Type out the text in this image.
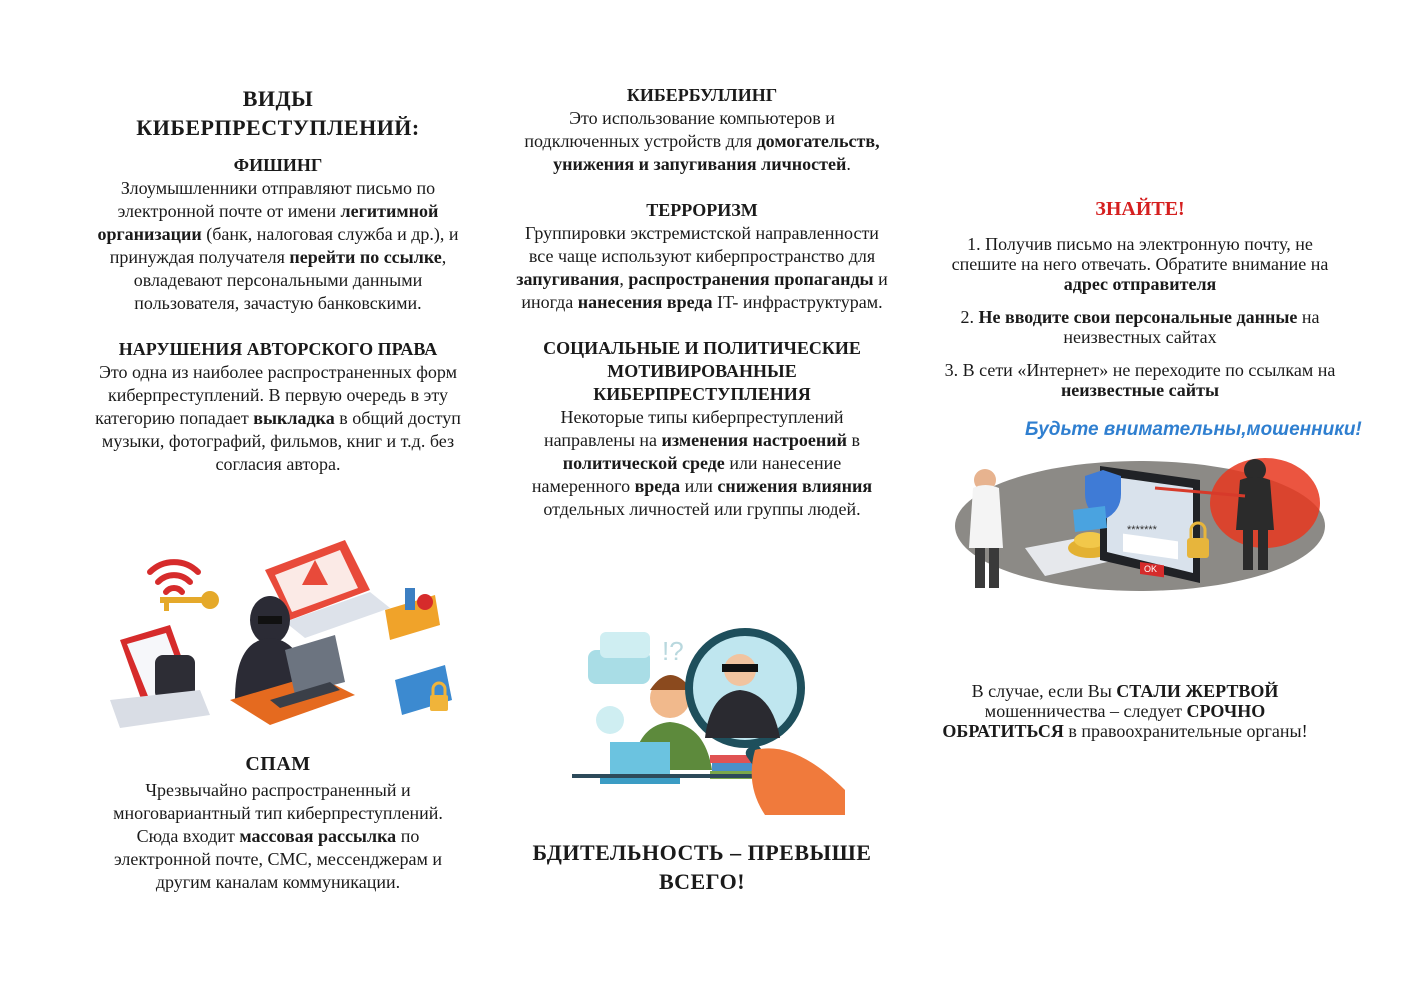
ВИДЫ

КИБЕРПРЕСТУПЛЕНИЙ:

ФИШИНГ

Злоумышленники отправляют письмо по электронной почте от имени легитимной организации (банк, налоговая служба и др.), и принуждая получателя перейти по ссылке, овладевают персональными данными пользователя, зачастую банковскими.

НАРУШЕНИЯ АВТОРСКОГО ПРАВА

Это одна из наиболее распространенных форм киберпреступлений. В первую очередь в эту категорию попадает выкладка в общий доступ музыки, фотографий, фильмов, книг и т.д. без согласия автора.

СПАМ

Чрезвычайно распространенный и многовариантный тип киберпреступлений. Сюда входит массовая рассылка по электронной почте, СМС, мессенджерам и другим каналам коммуникации.

КИБЕРБУЛЛИНГ

Это использование компьютеров и подключенных устройств для домогательств, унижения и запугивания личностей.

ТЕРРОРИЗМ

Группировки экстремистской направленности все чаще используют киберпространство для запугивания, распространения пропаганды и иногда нанесения вреда IT- инфраструктурам.

СОЦИАЛЬНЫЕ И ПОЛИТИЧЕСКИЕ МОТИВИРОВАННЫЕ КИБЕРПРЕСТУПЛЕНИЯ

Некоторые типы киберпреступлений направлены на изменения настроений в политической среде или нанесение намеренного вреда или снижения влияния отдельных личностей или группы людей.

!?

БДИТЕЛЬНОСТЬ – ПРЕВЫШЕ

ВСЕГО!

ЗНАЙТЕ!

1. Получив письмо на электронную почту, не спешите на него отвечать. Обратите внимание на адрес отправителя

2. Не вводите свои персональные данные на неизвестных сайтах

3. В сети «Интернет» не переходите по ссылкам на неизвестные сайты

Будьте внимательны,мошенники!
*******
OK

В случае, если Вы СТАЛИ ЖЕРТВОЙ мошенничества – следует СРОЧНО ОБРАТИТЬСЯ в правоохранительные органы!
